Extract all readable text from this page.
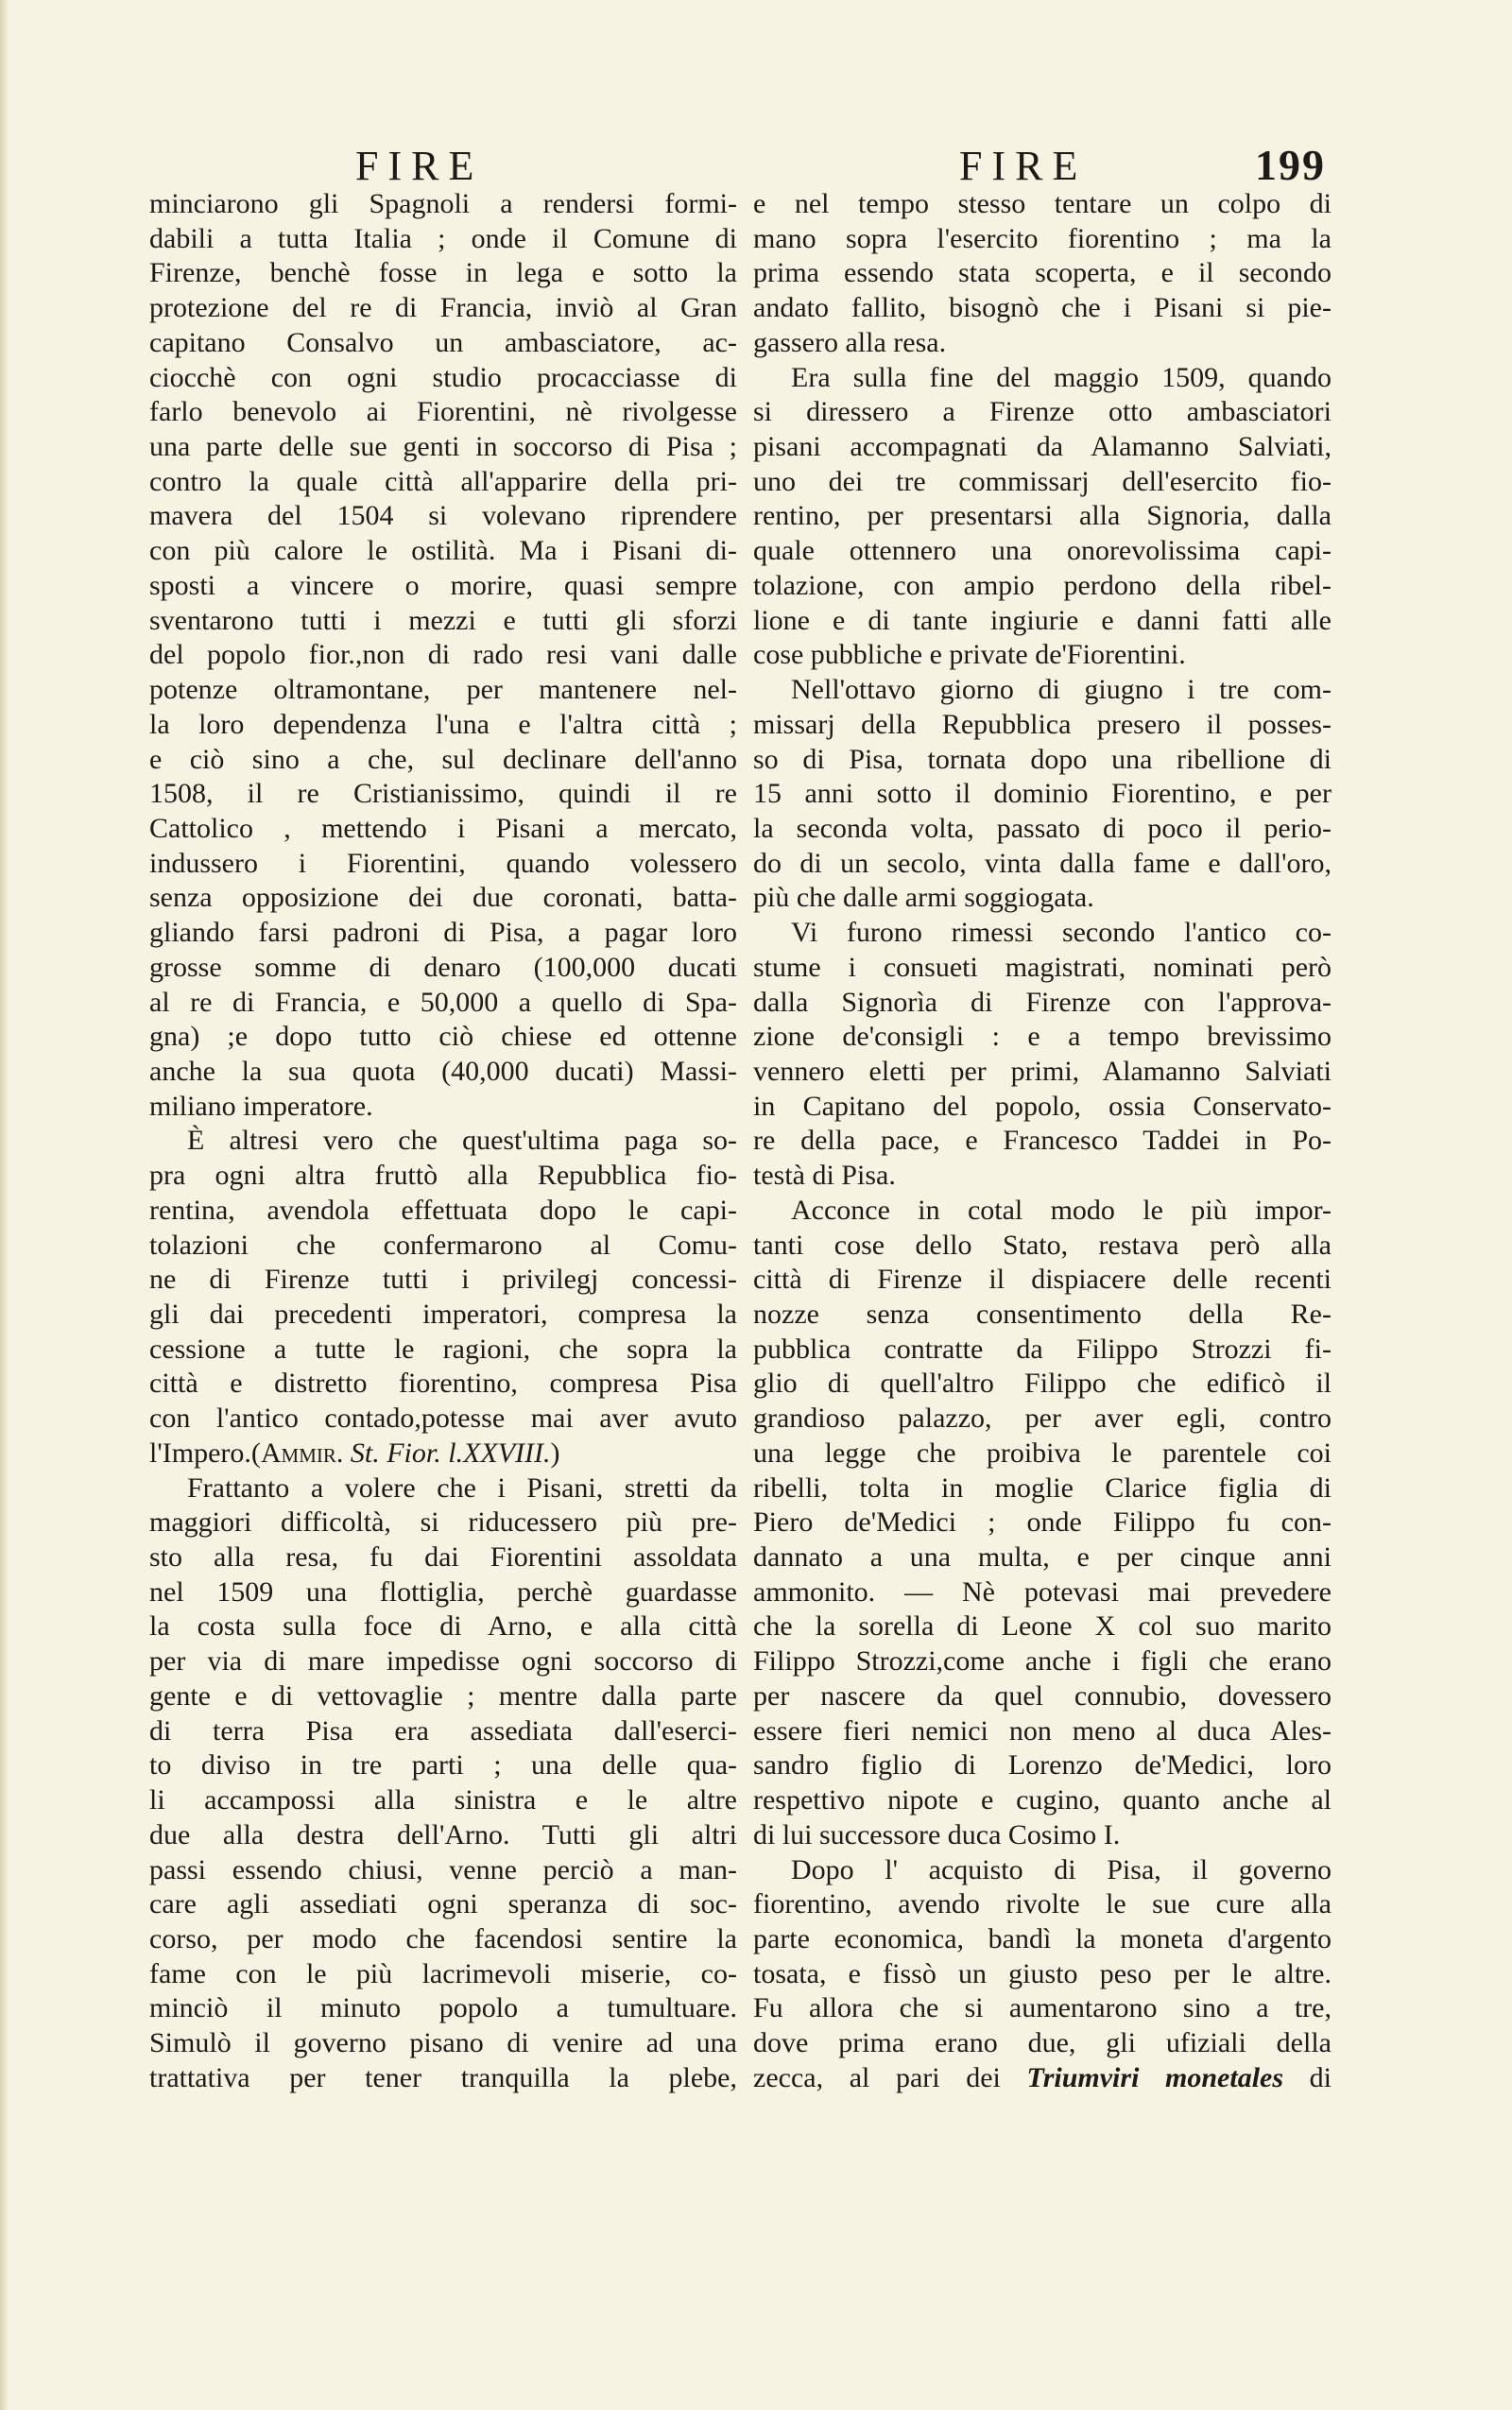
FIRE	FIRE	199
minciarono gli Spagnoli a rendersi formi-
dabili a tutta Italia ; onde il Comune di
Firenze, benchè fosse in lega e sotto la
protezione del re di Francia, inviò al Gran
capitano Consalvo un ambasciatore, ac-
ciocchè con ogni studio procacciasse di
farlo benevolo ai Fiorentini, nè rivolgesse
una parte delle sue genti in soccorso di Pisa ;
contro la quale città all'apparire della pri-
mavera del 1504 si volevano riprendere
con più calore le ostilità. Ma i Pisani di-
sposti a vincere o morire, quasi sempre
sventarono tutti i mezzi e tutti gli sforzi
del popolo fior.,non di rado resi vani dalle
potenze oltramontane, per mantenere nel-
la loro dependenza l'una e l'altra città ;
e ciò sino a che, sul declinare dell'anno
1508, il re Cristianissimo, quindi il re
Cattolico , mettendo i Pisani a mercato,
indussero i Fiorentini, quando volessero
senza opposizione dei due coronati, batta-
gliando farsi padroni di Pisa, a pagar loro
grosse somme di denaro (100,000 ducati
al re di Francia, e 50,000 a quello di Spa-
gna) ;e dopo tutto ciò chiese ed ottenne
anche la sua quota (40,000 ducati) Massi-
miliano imperatore.
È altresi vero che quest'ultima paga so-
pra ogni altra fruttò alla Repubblica fio-
rentina, avendola effettuata dopo le capi-
tolazioni che confermarono al Comu-
ne di Firenze tutti i privilegj concessi-
gli dai precedenti imperatori, compresa la
cessione a tutte le ragioni, che sopra la
città e distretto fiorentino, compresa Pisa
con l'antico contado,potesse mai aver avuto
l'Impero.(Ammir. St. Fior. l.XXVIII.)
Frattanto a volere che i Pisani, stretti da
maggiori difficoltà, si riducessero più pre-
sto alla resa, fu dai Fiorentini assoldata
nel 1509 una flottiglia, perchè guardasse
la costa sulla foce di Arno, e alla città
per via di mare impedisse ogni soccorso di
gente e di vettovaglie ; mentre dalla parte
di terra Pisa era assediata dall'eserci-
to diviso in tre parti ; una delle qua-
li accampossi alla sinistra e le altre
due alla destra dell'Arno. Tutti gli altri
passi essendo chiusi, venne perciò a man-
care agli assediati ogni speranza di soc-
corso, per modo che facendosi sentire la
fame con le più lacrimevoli miserie, co-
minciò il minuto popolo a tumultuare.
Simulò il governo pisano di venire ad una
trattativa per tener tranquilla la plebe,
e nel tempo stesso tentare un colpo di
mano sopra l'esercito fiorentino ; ma la
prima essendo stata scoperta, e il secondo
andato fallito, bisognò che i Pisani si pie-
gassero alla resa.
Era sulla fine del maggio 1509, quando
si diressero a Firenze otto ambasciatori
pisani accompagnati da Alamanno Salviati,
uno dei tre commissarj dell'esercito fio-
rentino, per presentarsi alla Signoria, dalla
quale ottennero una onorevolissima capi-
tolazione, con ampio perdono della ribel-
lione e di tante ingiurie e danni fatti alle
cose pubbliche e private de'Fiorentini.
Nell'ottavo giorno di giugno i tre com-
missarj della Repubblica presero il posses-
so di Pisa, tornata dopo una ribellione di
15 anni sotto il dominio Fiorentino, e per
la seconda volta, passato di poco il perio-
do di un secolo, vinta dalla fame e dall'oro,
più che dalle armi soggiogata.
Vi furono rimessi secondo l'antico co-
stume i consueti magistrati, nominati però
dalla Signorìa di Firenze con l'approva-
zione de'consigli : e a tempo brevissimo
vennero eletti per primi, Alamanno Salviati
in Capitano del popolo, ossia Conservato-
re della pace, e Francesco Taddei in Po-
testà di Pisa.
Acconce in cotal modo le più impor-
tanti cose dello Stato, restava però alla
città di Firenze il dispiacere delle recenti
nozze senza consentimento della Re-
pubblica contratte da Filippo Strozzi fi-
glio di quell'altro Filippo che edificò il
grandioso palazzo, per aver egli, contro
una legge che proibiva le parentele coi
ribelli, tolta in moglie Clarice figlia di
Piero de'Medici ; onde Filippo fu con-
dannato a una multa, e per cinque anni
ammonito. — Nè potevasi mai prevedere
che la sorella di Leone X col suo marito
Filippo Strozzi,come anche i figli che erano
per nascere da quel connubio, dovessero
essere fieri nemici non meno al duca Ales-
sandro figlio di Lorenzo de'Medici, loro
respettivo nipote e cugino, quanto anche al
di lui successore duca Cosimo I.
Dopo l' acquisto di Pisa, il governo
fiorentino, avendo rivolte le sue cure alla
parte economica, bandì la moneta d'argento
tosata, e fissò un giusto peso per le altre.
Fu allora che si aumentarono sino a tre,
dove prima erano due, gli ufiziali della
zecca, al pari dei Triumviri monetales di
